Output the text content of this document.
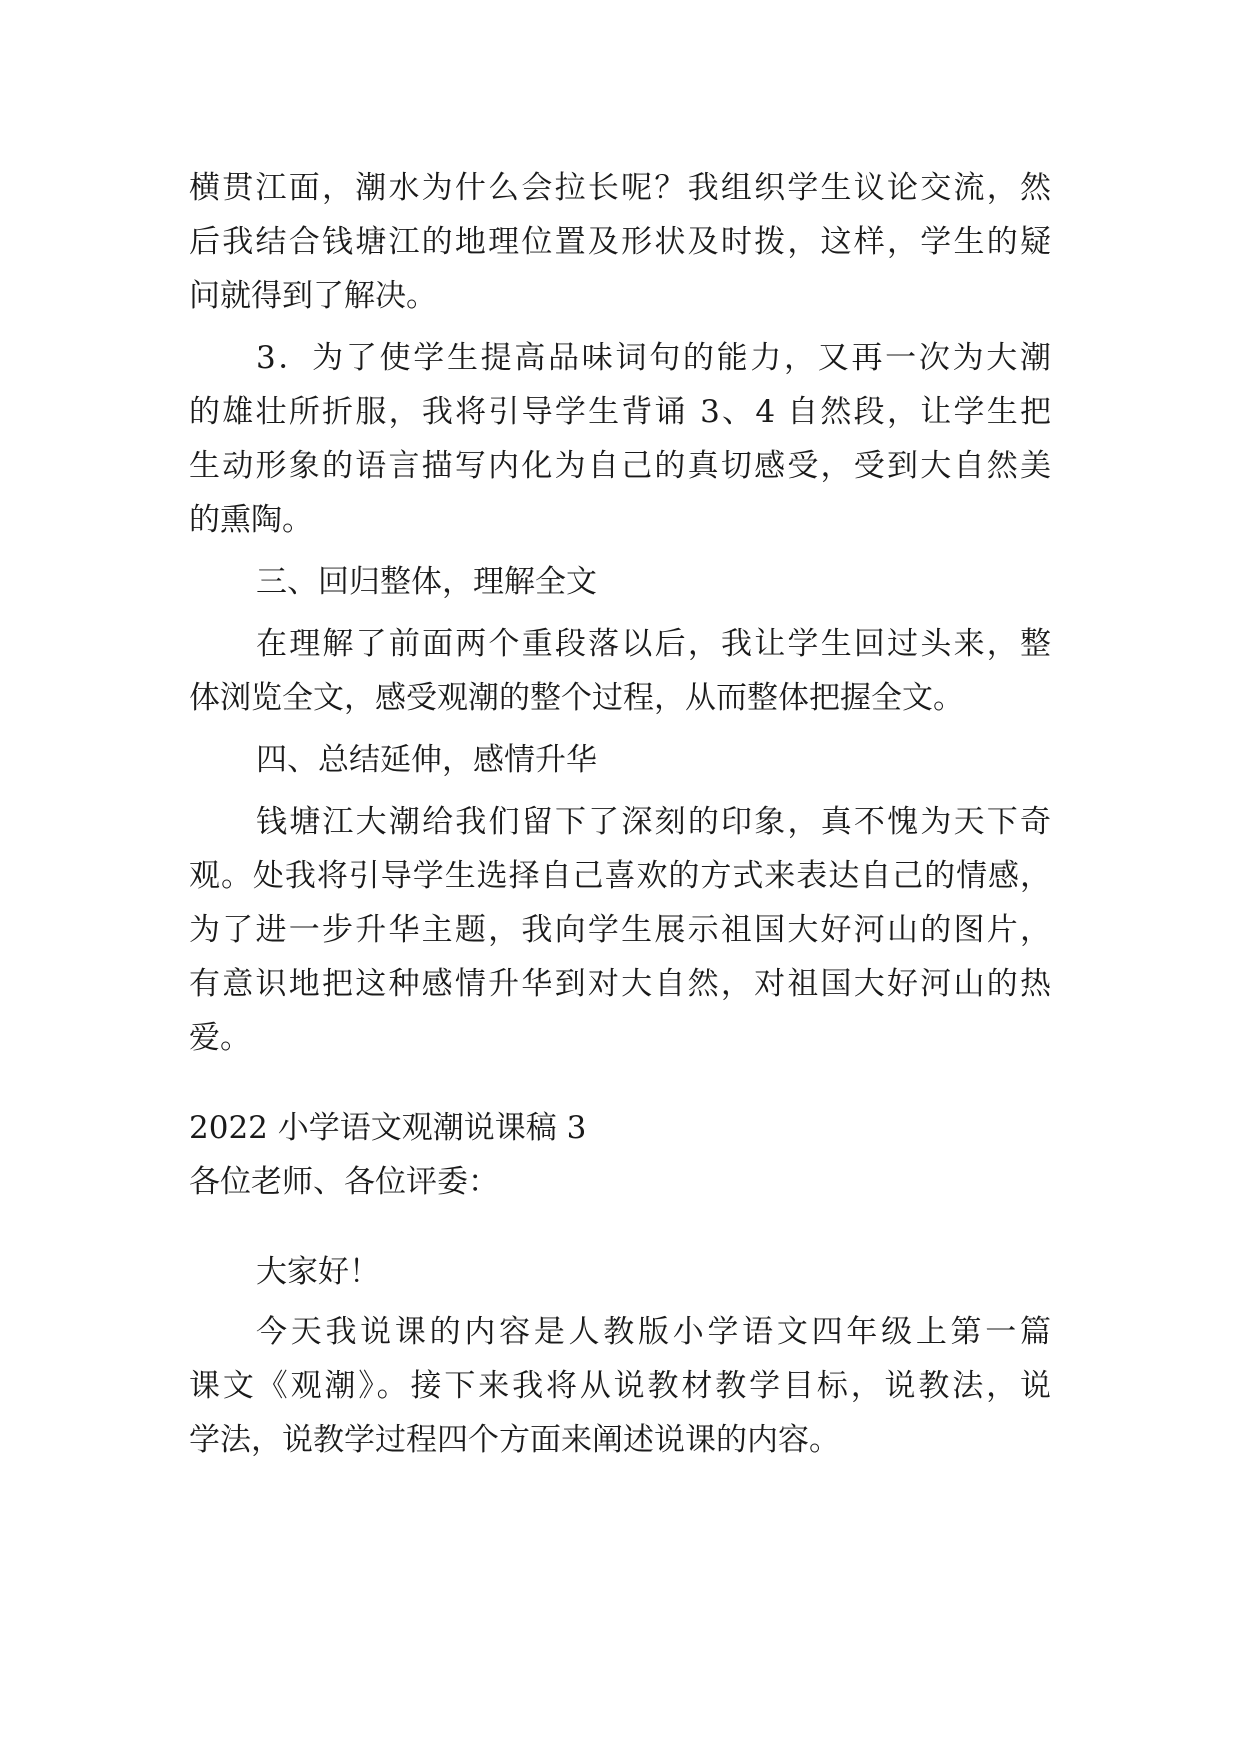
横贯江面，潮水为什么会拉长呢？我组织学生议论交流，然
后我结合钱塘江的地理位置及形状及时拨，这样，学生的疑
问就得到了解决。
3．为了使学生提高品味词句的能力，又再一次为大潮
的雄壮所折服，我将引导学生背诵 3、4 自然段，让学生把
生动形象的语言描写内化为自己的真切感受，受到大自然美
的熏陶。
三、回归整体，理解全文
在理解了前面两个重段落以后，我让学生回过头来，整
体浏览全文，感受观潮的整个过程，从而整体把握全文。
四、总结延伸，感情升华
钱塘江大潮给我们留下了深刻的印象，真不愧为天下奇
观。处我将引导学生选择自己喜欢的方式来表达自己的情感，
为了进一步升华主题，我向学生展示祖国大好河山的图片，
有意识地把这种感情升华到对大自然，对祖国大好河山的热
爱。
2022 小学语文观潮说课稿 3
各位老师、各位评委：
大家好！
今天我说课的内容是人教版小学语文四年级上第一篇
课文《观潮》。接下来我将从说教材教学目标，说教法，说
学法，说教学过程四个方面来阐述说课的内容。
